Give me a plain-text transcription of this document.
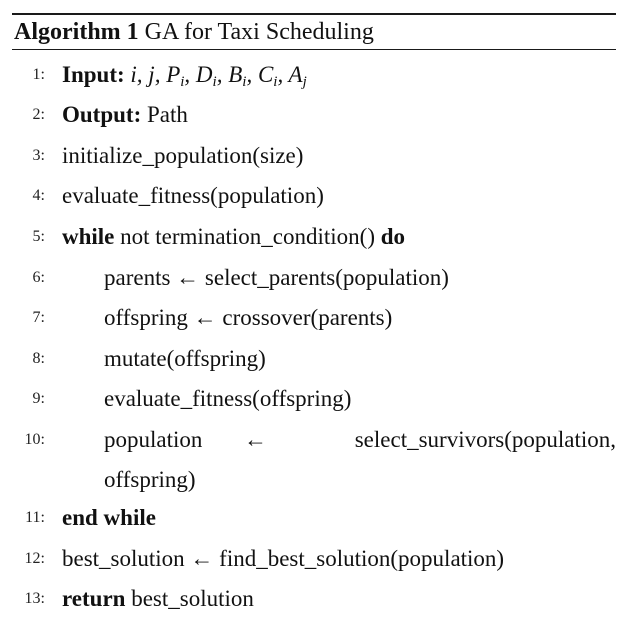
Algorithm 1 GA for Taxi Scheduling
1: Input: i, j, $P_i$, $D_i$, $B_i$, $C_i$, $A_j$
2: Output: Path
3: initialize_population(size)
4: evaluate_fitness(population)
5: while not termination_condition() do
6:	parents ← select_parents(population)
7:	offspring ← crossover(parents)
8:	mutate(offspring)
9:	evaluate_fitness(offspring)
10:	population ←	select_survivors(population,
offspring)
11: end while
12: best_solution ← find_best_solution(population)
13: return best_solution
